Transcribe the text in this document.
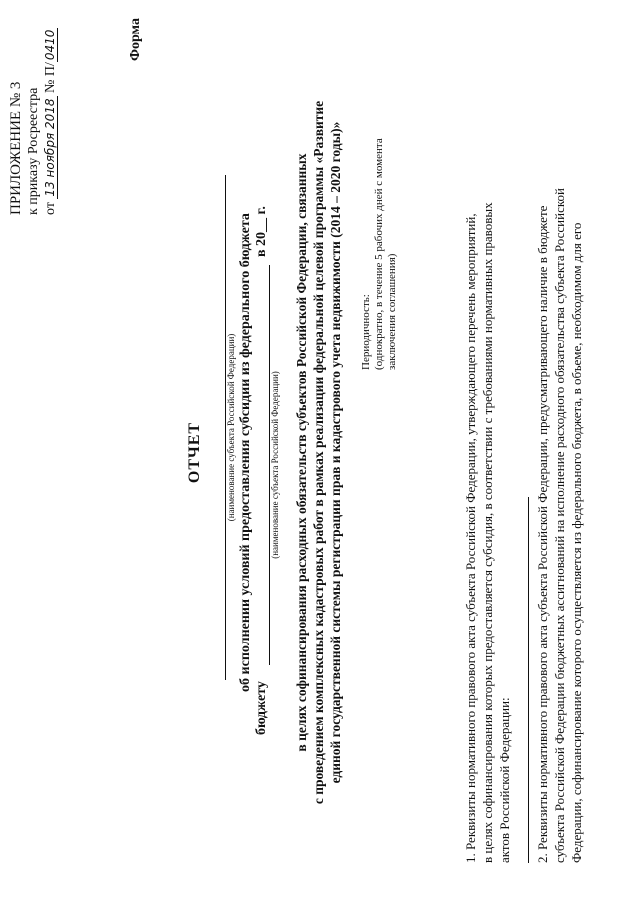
ПРИЛОЖЕНИЕ № 3 к приказу Росреестра от 13 ноября 2018 № П/0410	Форма
ОТЧЕТ	(наименование субъекта Российской Федерации) об исполнении условий предоставления субсидии из федерального бюджета
бюджету
в 20__ г.
(наименование субъекта Российской Федерации) в целях софинансирования расходных обязательств субъектов Российской Федерации, связанных с проведением комплексных кадастровых работ в рамках реализации федеральной целевой программы «Развитие единой государственной системы регистрации прав и кадастрового учета недвижимости (2014 – 2020 годы)» Периодичность: (однократно, в течение 5 рабочих дней с момента заключения соглашения)	1. Реквизиты нормативного правового акта субъекта Российской Федерации, утверждающего перечень мероприятий, в целях софинансирования которых предоставляется субсидия, в соответствии с требованиями нормативных правовых актов Российской Федерации: 2. Реквизиты нормативного правового акта субъекта Российской Федерации, предусматривающего наличие в бюджете субъекта Российской Федерации бюджетных ассигнований на исполнение расходного обязательства субъекта Российской Федерации, софинансирование которого осуществляется из федерального бюджета, в объеме, необходимом для его
